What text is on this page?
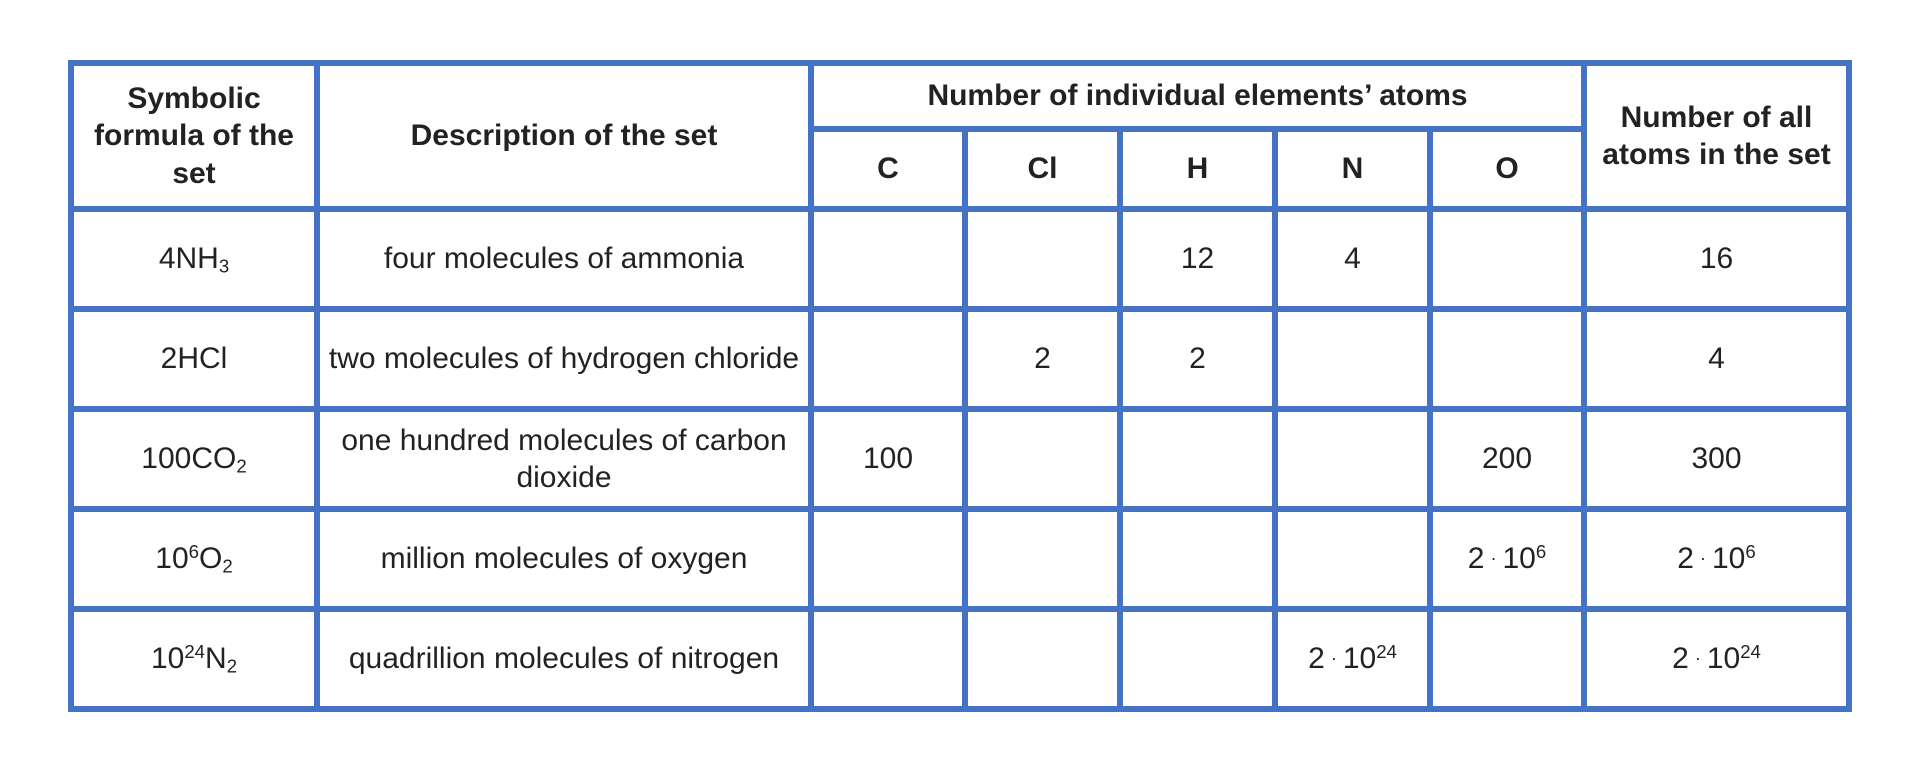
Symbolic formula of the set	Description of the set	Number of individual elements’ atoms					Number of all atoms in the set
		C	Cl	H	N	O	
$4NH_3$	four molecules of ammonia			12	4		16
2HCl	two molecules of hydrogen chloride		2	2			4
$100CO_2$	one hundred molecules of carbon dioxide	100				200	300
$10^6O_2$	million molecules of oxygen					$2 \cdot 10^6$	$2 \cdot 10^6$
$10^{24}N_2$	quadrillion molecules of nitrogen				$2 \cdot 10^{24}$		$2 \cdot 10^{24}$
